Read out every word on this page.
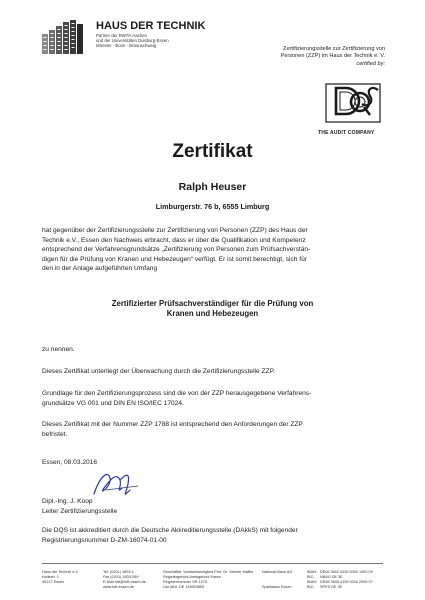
HAUS DER TECHNIK
Partner der RWTH Aachen
und der Universitäten Duisburg-Essen
Münster · Bonn · Braunschweig
Zertifizierungsstelle zur Zertifizierung von
Personen (ZZP) im Haus der Technik e. V.
certified by:
THE AUDIT COMPANY
Zertifikat
Ralph Heuser
Limburgerstr. 76 b, 6555 Limburg
hat gegenüber der Zertifizierungsstelle zur Zertifizierung von Personen (ZZP) des Haus der
Technik e.V., Essen den Nachweis erbracht, dass er über die Qualifikation und Kompetenz
entsprechend der Verfahrensgrundsätze „Zertifizierung von Personen zum Prüfsachverstän-
digen für die Prüfung von Kranen und Hebezeugen“ verfügt. Er ist somit berechtigt, sich für
den in der Anlage aufgeführten Umfang
Zertifizierter Prüfsachverständiger für die Prüfung von
Kranen und Hebezeugen
zu nennen.
Dieses Zertifikat unterliegt der Überwachung durch die Zertifizierungsstelle ZZP.
Grundlage für den Zertifizierungsprozess sind die von der ZZP herausgegebene Verfahrens-
grundsätze VG 001 und DIN EN ISO/IEC 17024.
Dieses Zertifikat mit der Nummer ZZP 1788 ist entsprechend den Anforderungen der ZZP
befristet.
Essen, 08.03.2016
Dipl.-Ing. J. Koop
Leiter Zertifizierungsstelle
Die DQS ist akkreditiert durch die Deutsche Akkreditierungsstelle (DAkkS) mit folgender
Registrierungsnummer D-ZM-16074-01-00
Haus der Technik e.V.
Hollestr. 1
45127 Essen
Tel. (0201) 1803-1
Fax (0201) 1803-269
E-Mail hdt@hdt-essen.de
www.hdt-essen.de
Geschäftsf. Vorstandsmitglied Prof. Dr. Werner Kaffke
Registergericht Amtsgericht Essen
Registernummer VR 1475
Ust-IdNr. DE 119653853
National-Bank AG

Sparkasse Essen
IBAN:
BIC:
IBAN:
BIC:
DE06 3602 0030 0000 1450 09
NBAG DE 3E
DE98 3605 0105 0000 2090 07
SPES DE 3E
